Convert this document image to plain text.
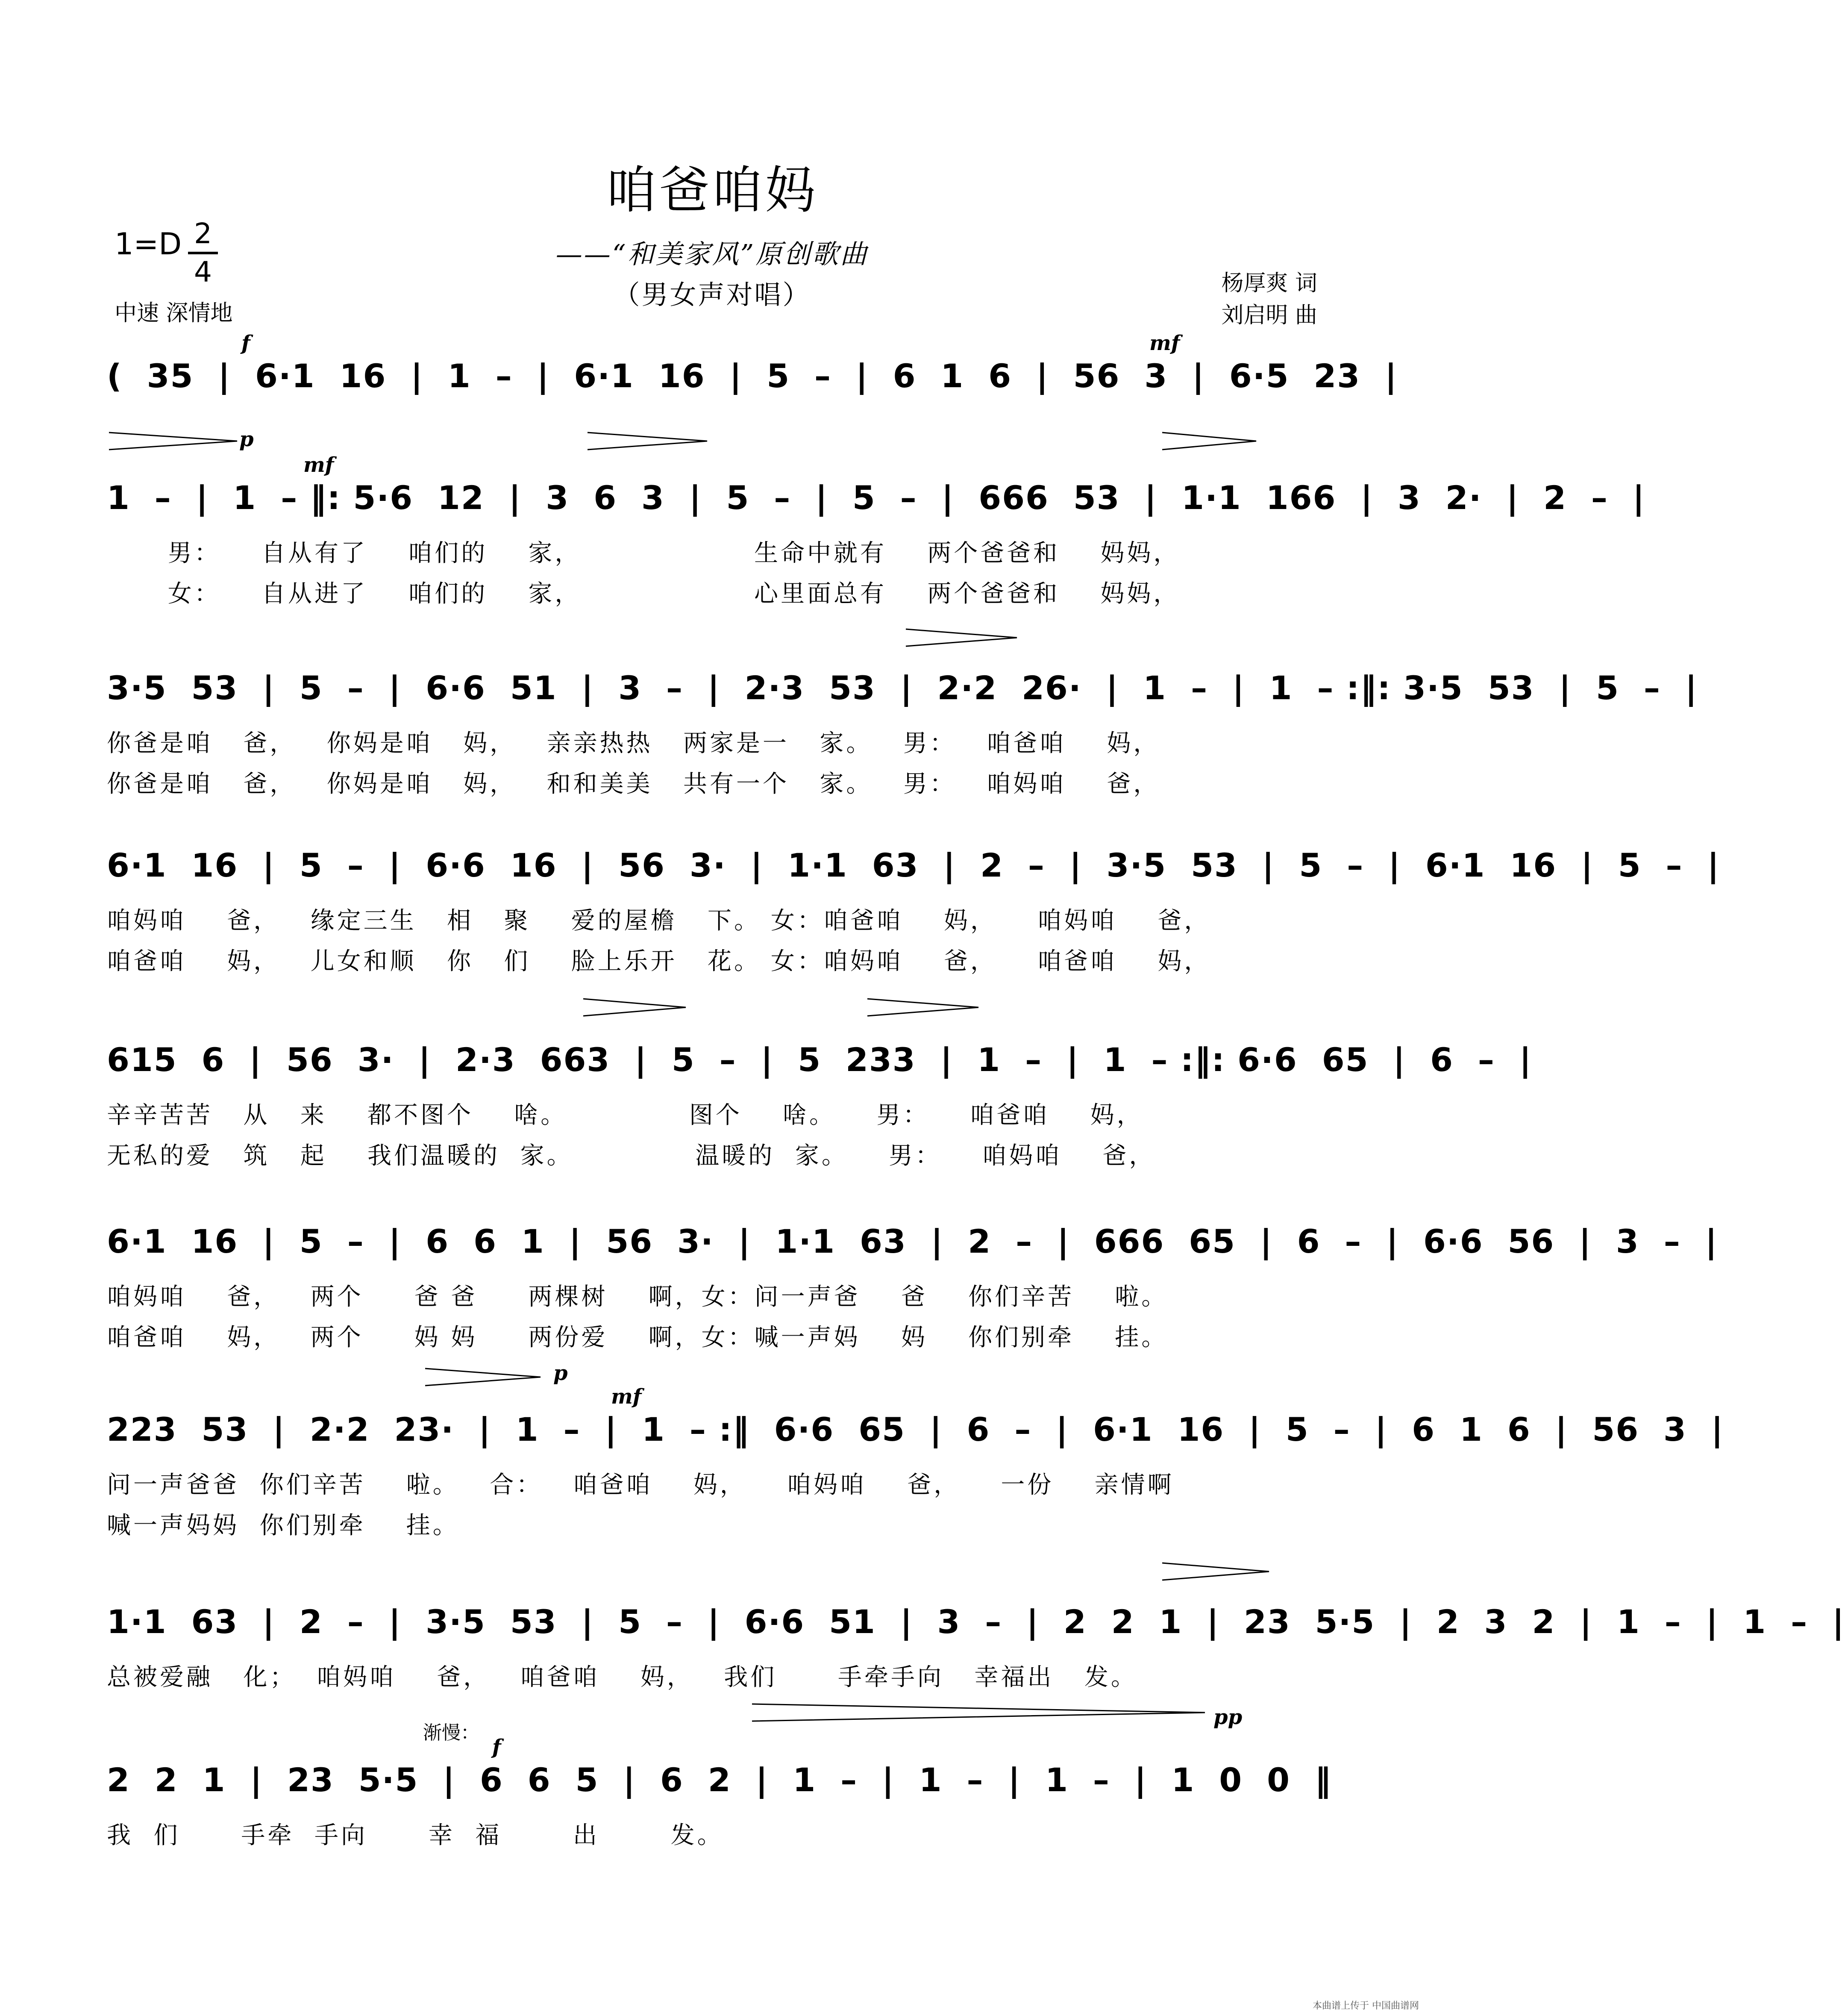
咱爸咱妈
——“和美家风”原创歌曲
（男女声对唱）
$1=D \frac{2}{4}$
中速 深情地
杨厚爽 词
刘启明 曲
(  35  |  6·1  16  |  1  –  |  6·1  16  |  5  –  |  6  1  6  |  56  3  |  6·5  23  |
1  –  |  1  – ‖: 5·6  12  |  3  6  3  |  5  –  |  5  –  |  666  53  |  1·1  166  |  3  2·  |  2  –  |
男：    自从有了    咱们的    家，                 生命中就有    两个爸爸和    妈妈，
女：    自从进了    咱们的    家，                 心里面总有    两个爸爸和    妈妈，
3·5  53  |  5  –  |  6·6  51  |  3  –  |  2·3  53  |  2·2  26·  |  1  –  |  1  – :‖: 3·5  53  |  5  –  |
你爸是咱   爸，   你妈是咱   妈，   亲亲热热   两家是一   家。   男：   咱爸咱    妈，
你爸是咱   爸，   你妈是咱   妈，   和和美美   共有一个   家。   男：   咱妈咱    爸，
6·1  16  |  5  –  |  6·6  16  |  56  3·  |  1·1  63  |  2  –  |  3·5  53  |  5  –  |  6·1  16  |  5  –  |
咱妈咱    爸，   缘定三生   相   聚    爱的屋檐   下。 女：咱爸咱    妈，    咱妈咱    爸，
咱爸咱    妈，   儿女和顺   你   们    脸上乐开   花。 女：咱妈咱    爸，    咱爸咱    妈，
615  6  |  56  3·  |  2·3  663  |  5  –  |  5  233  |  1  –  |  1  – :‖: 6·6  65  |  6  –  |
辛辛苦苦   从   来    都不图个    啥。            图个    啥。    男：    咱爸咱    妈，
无私的爱   筑   起    我们温暖的  家。            温暖的  家。    男：    咱妈咱    爸，
6·1  16  |  5  –  |  6  6  1  |  56  3·  |  1·1  63  |  2  –  |  666  65  |  6  –  |  6·6  56  |  3  –  |
咱妈咱    爸，   两个     爸 爸     两棵树    啊，女：问一声爸    爸    你们辛苦    啦。
咱爸咱    妈，   两个     妈 妈     两份爱    啊，女：喊一声妈    妈    你们别牵    挂。
223  53  |  2·2  23·  |  1  –  |  1  – :‖  6·6  65  |  6  –  |  6·1  16  |  5  –  |  6  1  6  |  56  3  |
问一声爸爸  你们辛苦    啦。   合：   咱爸咱    妈，    咱妈咱    爸，    一份    亲情啊
喊一声妈妈  你们别牵    挂。
1·1  63  |  2  –  |  3·5  53  |  5  –  |  6·6  51  |  3  –  |  2  2  1  |  23  5·5  |  2  3  2  |  1  –  |  1  –  |
总被爱融   化；  咱妈咱    爸，   咱爸咱    妈，   我们      手牵手向   幸福出   发。
2  2  1  |  23  5·5  |  6  6  5  |  6  2  |  1  –  |  1  –  |  1  –  |  1  0  0  ‖
我  们      手牵  手向      幸  福       出       发。
f	mf
p
mf
p
mf
f
pp
渐慢：
本曲谱上传于 中国曲谱网
